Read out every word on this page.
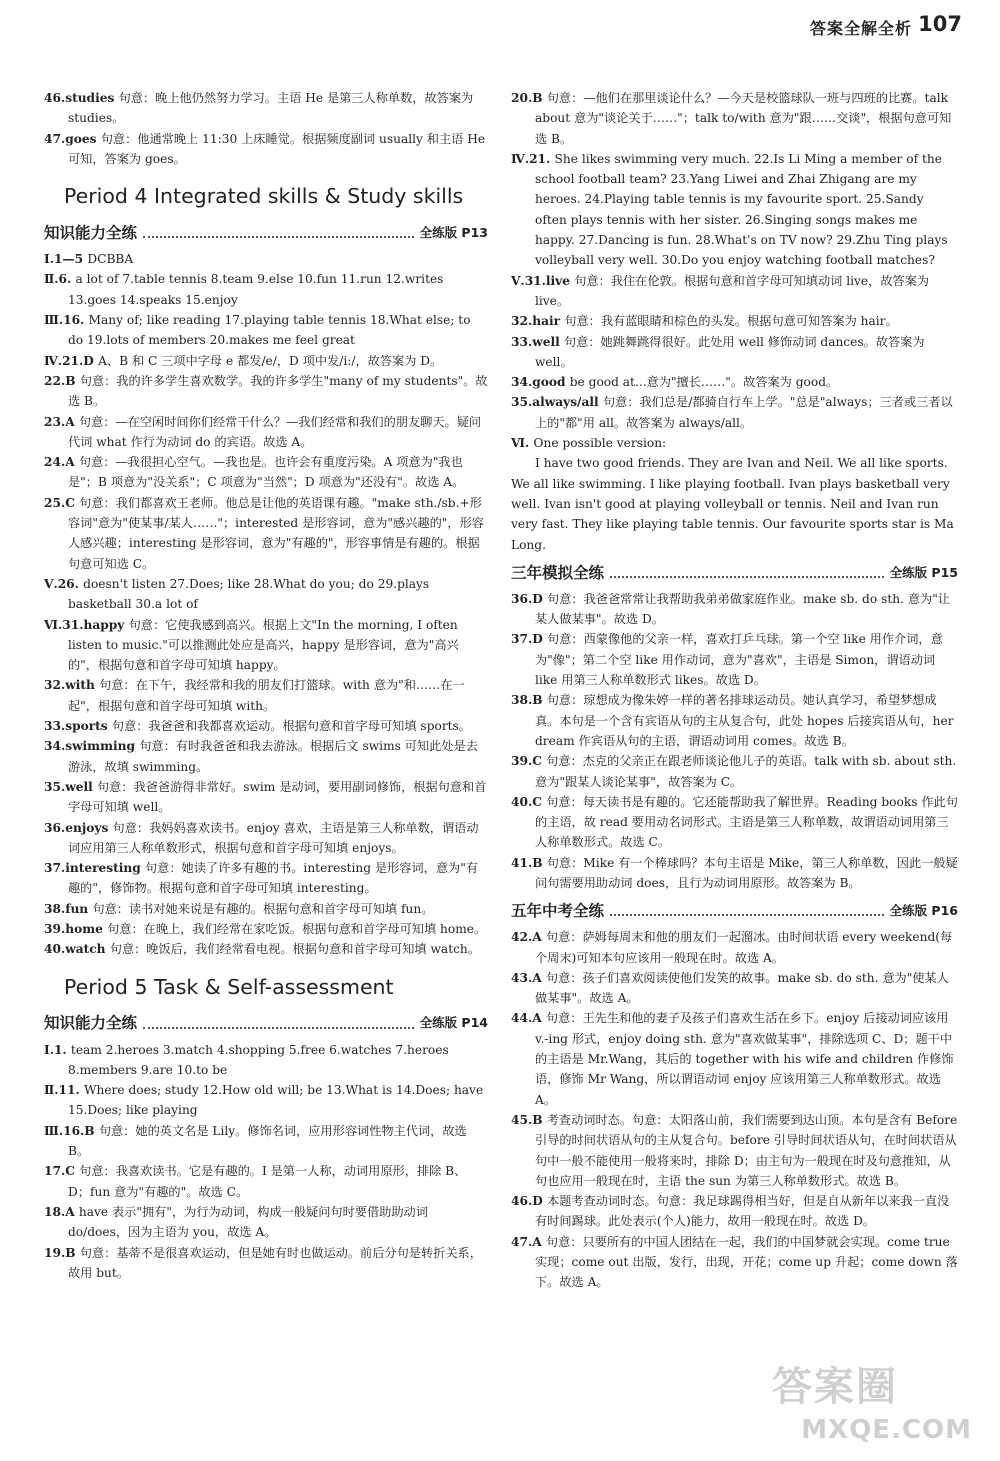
答案全解全析 107
46.studies 句意：晚上他仍然努力学习。主语 He 是第三人称单数，故答案为 studies。
47.goes 句意：他通常晚上 11:30 上床睡觉。根据频度副词 usually 和主语 He 可知，答案为 goes。
Period 4 Integrated skills & Study skills
知识能力全练	全练版 P13
Ⅰ.1—5 DCBBA
Ⅱ.6. a lot of 7.table tennis 8.team 9.else 10.fun 11.run 12.writes 13.goes 14.speaks 15.enjoy
Ⅲ.16. Many of; like reading 17.playing table tennis 18.What else; to do 19.lots of members 20.makes me feel great
Ⅳ.21.D A、B 和 C 三项中字母 e 都发/e/，D 项中发/i:/，故答案为 D。
22.B 句意：我的许多学生喜欢数学。我的许多学生"many of my students"。故选 B。
23.A 句意：—在空闲时间你们经常干什么？—我们经常和我们的朋友聊天。疑问代词 what 作行为动词 do 的宾语。故选 A。
24.A 句意：—我很担心空气。—我也是。也许会有重度污染。A 项意为"我也是"；B 项意为"没关系"；C 项意为"当然"；D 项意为"还没有"。故选 A。
25.C 句意：我们都喜欢王老师。他总是让他的英语课有趣。"make sth./sb.+形容词"意为"使某事/某人……"；interested 是形容词，意为"感兴趣的"，形容人感兴趣；interesting 是形容词，意为"有趣的"，形容事情是有趣的。根据句意可知选 C。
Ⅴ.26. doesn't listen 27.Does; like 28.What do you; do 29.plays basketball 30.a lot of
Ⅵ.31.happy 句意：它使我感到高兴。根据上文"In the morning, I often listen to music."可以推测此处应是高兴，happy 是形容词，意为"高兴的"，根据句意和首字母可知填 happy。
32.with 句意：在下午，我经常和我的朋友们打篮球。with 意为"和……在一起"，根据句意和首字母可知填 with。
33.sports 句意：我爸爸和我都喜欢运动。根据句意和首字母可知填 sports。
34.swimming 句意：有时我爸爸和我去游泳。根据后文 swims 可知此处是去游泳，故填 swimming。
35.well 句意：我爸爸游得非常好。swim 是动词，要用副词修饰，根据句意和首字母可知填 well。
36.enjoys 句意：我妈妈喜欢读书。enjoy 喜欢，主语是第三人称单数，谓语动词应用第三人称单数形式，根据句意和首字母可知填 enjoys。
37.interesting 句意：她读了许多有趣的书。interesting 是形容词，意为"有趣的"，修饰物。根据句意和首字母可知填 interesting。
38.fun 句意：读书对她来说是有趣的。根据句意和首字母可知填 fun。
39.home 句意：在晚上，我们经常在家吃饭。根据句意和首字母可知填 home。
40.watch 句意：晚饭后，我们经常看电视。根据句意和首字母可知填 watch。
Period 5 Task & Self-assessment
知识能力全练	全练版 P14
Ⅰ.1. team 2.heroes 3.match 4.shopping 5.free 6.watches 7.heroes 8.members 9.are 10.to be
Ⅱ.11. Where does; study 12.How old will; be 13.What is 14.Does; have 15.Does; like playing
Ⅲ.16.B 句意：她的英文名是 Lily。修饰名词，应用形容词性物主代词，故选 B。
17.C 句意：我喜欢读书。它是有趣的。I 是第一人称，动词用原形，排除 B、D；fun 意为"有趣的"。故选 C。
18.A have 表示"拥有"，为行为动词，构成一般疑问句时要借助助动词 do/does，因为主语为 you，故选 A。
19.B 句意：基蒂不是很喜欢运动，但是她有时也做运动。前后分句是转折关系，故用 but。
20.B 句意：—他们在那里谈论什么？—今天是校篮球队一班与四班的比赛。talk about 意为"谈论关于……"；talk to/with 意为"跟……交谈"，根据句意可知选 B。
Ⅳ.21. She likes swimming very much. 22.Is Li Ming a member of the school football team? 23.Yang Liwei and Zhai Zhigang are my heroes. 24.Playing table tennis is my favourite sport. 25.Sandy often plays tennis with her sister. 26.Singing songs makes me happy. 27.Dancing is fun. 28.What's on TV now? 29.Zhu Ting plays volleyball very well. 30.Do you enjoy watching football matches?
Ⅴ.31.live 句意：我住在伦敦。根据句意和首字母可知填动词 live，故答案为 live。
32.hair 句意：我有蓝眼睛和棕色的头发。根据句意可知答案为 hair。
33.well 句意：她跳舞跳得很好。此处用 well 修饰动词 dances。故答案为 well。
34.good be good at...意为"擅长……"。故答案为 good。
35.always/all 句意：我们总是/都骑自行车上学。"总是"always；三者或三者以上的"都"用 all。故答案为 always/all。
Ⅵ. One possible version:

I have two good friends. They are Ivan and Neil. We all like sports. We all like swimming. I like playing football. Ivan plays basketball very well. Ivan isn't good at playing volleyball or tennis. Neil and Ivan run very fast. They like playing table tennis. Our favourite sports star is Ma Long.

三年模拟全练	全练版 P15
36.D 句意：我爸爸常常让我帮助我弟弟做家庭作业。make sb. do sth. 意为"让某人做某事"。故选 D。
37.D 句意：西蒙像他的父亲一样，喜欢打乒乓球。第一个空 like 用作介词，意为"像"；第二个空 like 用作动词，意为"喜欢"，主语是 Simon，谓语动词 like 用第三人称单数形式 likes。故选 D。
38.B 句意：琼想成为像朱婷一样的著名排球运动员。她认真学习，希望梦想成真。本句是一个含有宾语从句的主从复合句，此处 hopes 后接宾语从句，her dream 作宾语从句的主语，谓语动词用 comes。故选 B。
39.C 句意：杰克的父亲正在跟老师谈论他儿子的英语。talk with sb. about sth. 意为"跟某人谈论某事"，故答案为 C。
40.C 句意：每天读书是有趣的。它还能帮助我了解世界。Reading books 作此句的主语，故 read 要用动名词形式。主语是第三人称单数，故谓语动词用第三人称单数形式。故选 C。
41.B 句意：Mike 有一个棒球吗？本句主语是 Mike，第三人称单数，因此一般疑问句需要用助动词 does，且行为动词用原形。故答案为 B。
五年中考全练	全练版 P16
42.A 句意：萨姆每周末和他的朋友们一起溜冰。由时间状语 every weekend(每个周末)可知本句应该用一般现在时。故选 A。
43.A 句意：孩子们喜欢阅读使他们发笑的故事。make sb. do sth. 意为"使某人做某事"。故选 A。
44.A 句意：王先生和他的妻子及孩子们喜欢生活在乡下。enjoy 后接动词应该用 v.-ing 形式，enjoy doing sth. 意为"喜欢做某事"，排除选项 C、D；题干中的主语是 Mr.Wang，其后的 together with his wife and children 作修饰语，修饰 Mr Wang，所以谓语动词 enjoy 应该用第三人称单数形式。故选 A。
45.B 考查动词时态。句意：太阳落山前，我们需要到达山顶。本句是含有 Before 引导的时间状语从句的主从复合句。before 引导时间状语从句，在时间状语从句中一般不能使用一般将来时，排除 D；由主句为一般现在时及句意推知，从句也应用一般现在时，主语 the sun 为第三人称单数形式。故选 B。
46.D 本题考查动词时态。句意：我足球踢得相当好，但是自从新年以来我一直没有时间踢球。此处表示(个人)能力，故用一般现在时。故选 D。
47.A 句意：只要所有的中国人团结在一起，我们的中国梦就会实现。come true 实现；come out 出版，发行，出现，开花；come up 升起；come down 落下。故选 A。
答案圈
MXQE.COM
